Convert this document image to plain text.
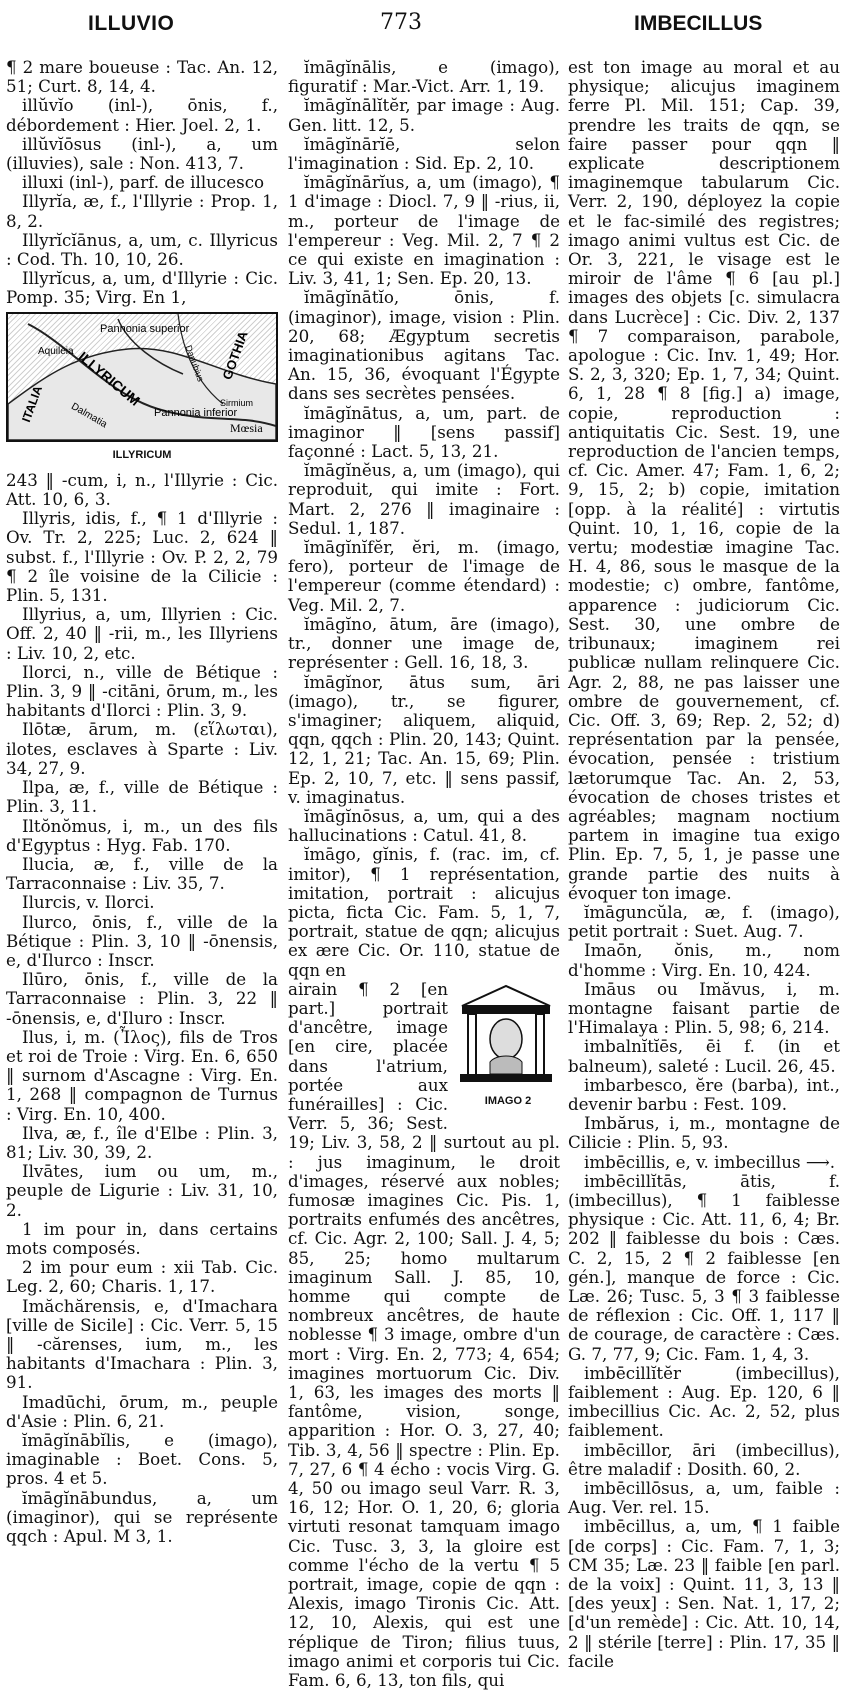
ILLUVIO	773	IMBECILLUS

¶ 2 mare boueuse : Tac. An. 12, 51; Curt. 8, 14, 4.

illŭvĭo (inl-), ōnis, f., débordement : Hier. Joel. 2, 1.

illŭvĭōsus (inl-), a, um (illuvies), sale : Non. 413, 7.

illuxi (inl-), parf. de illucesco

Illyrĭa, æ, f., l'Illyrie : Prop. 1, 8, 2.

Illyrĭcĭānus, a, um, c. Illyricus : Cod. Th. 10, 10, 26.

Illyrĭcus, a, um, d'Illyrie : Cic. Pomp. 35; Virg. En 1,

Pannonia superior
Pannonia inferior
GOTHIA
ILLYRICUM
Mœsia
Aquileia
Sirmium
Danubius
Dalmatia
ITALIA
ILLYRICUM

243 ‖ -cum, i, n., l'Illyrie : Cic. Att. 10, 6, 3.

Illyris, idis, f., ¶ 1 d'Illyrie : Ov. Tr. 2, 225; Luc. 2, 624 ‖ subst. f., l'Illyrie : Ov. P. 2, 2, 79 ¶ 2 île voisine de la Cilicie : Plin. 5, 131.

Illyrius, a, um, Illyrien : Cic. Off. 2, 40 ‖ -rii, m., les Illyriens : Liv. 10, 2, etc.

Ilorci, n., ville de Bétique : Plin. 3, 9 ‖ -citāni, ōrum, m., les habitants d'Ilorci : Plin. 3, 9.

Ilōtæ, ārum, m. (εἵλωται), ilotes, esclaves à Sparte : Liv. 34, 27, 9.

Ilpa, æ, f., ville de Bétique : Plin. 3, 11.

Iltŏnŏmus, i, m., un des fils d'Egyptus : Hyg. Fab. 170.

Ilucia, æ, f., ville de la Tarraconnaise : Liv. 35, 7.

Ilurcis, v. Ilorci.

Ilurco, ōnis, f., ville de la Bétique : Plin. 3, 10 ‖ -ōnensis, e, d'Ilurco : Inscr.

Ilūro, ōnis, f., ville de la Tarraconnaise : Plin. 3, 22 ‖ -ōnensis, e, d'Iluro : Inscr.

Ilus, i, m. (Ἶλος), fils de Tros et roi de Troie : Virg. En. 6, 650 ‖ surnom d'Ascagne : Virg. En. 1, 268 ‖ compagnon de Turnus : Virg. En. 10, 400.

Ilva, æ, f., île d'Elbe : Plin. 3, 81; Liv. 30, 39, 2.

Ilvātes, ium ou um, m., peuple de Ligurie : Liv. 31, 10, 2.

1 im pour in, dans certains mots composés.

2 im pour eum : xii Tab. Cic. Leg. 2, 60; Charis. 1, 17.

Imăchărensis, e, d'Imachara [ville de Sicile] : Cic. Verr. 5, 15 ‖ -cărenses, ium, m., les habitants d'Imachara : Plin. 3, 91.

Imadūchi, ōrum, m., peuple d'Asie : Plin. 6, 21.

ĭmāgĭnābĭlis, e (imago), imaginable : Boet. Cons. 5, pros. 4 et 5.

ĭmāgĭnābundus, a, um (imaginor), qui se représente qqch : Apul. M 3, 1.

ĭmāgĭnālis, e (imago), figuratif : Mar.-Vict. Arr. 1, 19.

ĭmāgĭnālĭtĕr, par image : Aug. Gen. litt. 12, 5.

ĭmāgĭnārĭē, selon l'imagination : Sid. Ep. 2, 10.

ĭmāgĭnārĭus, a, um (imago), ¶ 1 d'image : Diocl. 7, 9 ‖ -rius, ii, m., porteur de l'image de l'empereur : Veg. Mil. 2, 7 ¶ 2 ce qui existe en imagination : Liv. 3, 41, 1; Sen. Ep. 20, 13.

ĭmāgĭnātĭo, ōnis, f. (imaginor), image, vision : Plin. 20, 68; Ægyptum secretis imaginationibus agitans Tac. An. 15, 36, évoquant l'Égypte dans ses secrètes pensées.

ĭmāgĭnātus, a, um, part. de imaginor ‖ [sens passif] façonné : Lact. 5, 13, 21.

ĭmāgĭnĕus, a, um (imago), qui reproduit, qui imite : Fort. Mart. 2, 276 ‖ imaginaire : Sedul. 1, 187.

ĭmāgĭnĭfĕr, ĕri, m. (imago, fero), porteur de l'image de l'empereur (comme étendard) : Veg. Mil. 2, 7.

ĭmāgĭno, ātum, āre (imago), tr., donner une image de, représenter : Gell. 16, 18, 3.

ĭmāgĭnor, ātus sum, āri (imago), tr., se figurer, s'imaginer; aliquem, aliquid, qqn, qqch : Plin. 20, 143; Quint. 12, 1, 21; Tac. An. 15, 69; Plin. Ep. 2, 10, 7, etc. ‖ sens passif, v. imaginatus.

ĭmāgĭnōsus, a, um, qui a des hallucinations : Catul. 41, 8.

ĭmāgo, gĭnis, f. (rac. im, cf. imitor), ¶ 1 représentation, imitation, portrait : alicujus picta, ficta Cic. Fam. 5, 1, 7, portrait, statue de qqn; alicujus ex ære Cic. Or. 110, statue de qqn en

IMAGO 2

airain ¶ 2 [en part.] portrait d'ancêtre, image [en cire, placée dans l'atrium, portée aux funérailles] : Cic. Verr. 5, 36; Sest. 19; Liv. 3, 58, 2 ‖ surtout au pl. : jus imaginum, le droit d'images, réservé aux nobles; fumosæ imagines Cic. Pis. 1, portraits enfumés des ancêtres, cf. Cic. Agr. 2, 100; Sall. J. 4, 5; 85, 25; homo multarum imaginum Sall. J. 85, 10, homme qui compte de nombreux ancêtres, de haute noblesse ¶ 3 image, ombre d'un mort : Virg. En. 2, 773; 4, 654; imagines mortuorum Cic. Div. 1, 63, les images des morts ‖ fantôme, vision, songe, apparition : Hor. O. 3, 27, 40; Tib. 3, 4, 56 ‖ spectre : Plin. Ep. 7, 27, 6 ¶ 4 écho : vocis Virg. G. 4, 50 ou imago seul Varr. R. 3, 16, 12; Hor. O. 1, 20, 6; gloria virtuti resonat tamquam imago Cic. Tusc. 3, 3, la gloire est comme l'écho de la vertu ¶ 5 portrait, image, copie de qqn : Alexis, imago Tironis Cic. Att. 12, 10, Alexis, qui est une réplique de Tiron; filius tuus, imago animi et corporis tui Cic. Fam. 6, 6, 13, ton fils, qui

est ton image au moral et au physique; alicujus imaginem ferre Pl. Mil. 151; Cap. 39, prendre les traits de qqn, se faire passer pour qqn ‖ explicate descriptionem imaginemque tabularum Cic. Verr. 2, 190, déployez la copie et le fac-similé des registres; imago animi vultus est Cic. de Or. 3, 221, le visage est le miroir de l'âme ¶ 6 [au pl.] images des objets [c. simulacra dans Lucrèce] : Cic. Div. 2, 137 ¶ 7 comparaison, parabole, apologue : Cic. Inv. 1, 49; Hor. S. 2, 3, 320; Ep. 1, 7, 34; Quint. 6, 1, 28 ¶ 8 [fig.] a) image, copie, reproduction : antiquitatis Cic. Sest. 19, une reproduction de l'ancien temps, cf. Cic. Amer. 47; Fam. 1, 6, 2; 9, 15, 2; b) copie, imitation [opp. à la réalité] : virtutis Quint. 10, 1, 16, copie de la vertu; modestiæ imagine Tac. H. 4, 86, sous le masque de la modestie; c) ombre, fantôme, apparence : judiciorum Cic. Sest. 30, une ombre de tribunaux; imaginem rei publicæ nullam relinquere Cic. Agr. 2, 88, ne pas laisser une ombre de gouvernement, cf. Cic. Off. 3, 69; Rep. 2, 52; d) représentation par la pensée, évocation, pensée : tristium lætorumque Tac. An. 2, 53, évocation de choses tristes et agréables; magnam noctium partem in imagine tua exigo Plin. Ep. 7, 5, 1, je passe une grande partie des nuits à évoquer ton image.

ĭmāguncŭla, æ, f. (imago), petit portrait : Suet. Aug. 7.

Imaōn, ŏnis, m., nom d'homme : Virg. En. 10, 424.

Imāus ou Imăvus, i, m. montagne faisant partie de l'Himalaya : Plin. 5, 98; 6, 214.

imbalnĭtĭēs, ēi f. (in et balneum), saleté : Lucil. 26, 45.

imbarbesco, ĕre (barba), int., devenir barbu : Fest. 109.

Imbărus, i, m., montagne de Cilicie : Plin. 5, 93.

imbēcillis, e, v. imbecillus ⟶.

imbēcillĭtās, ātis, f. (imbecillus), ¶ 1 faiblesse physique : Cic. Att. 11, 6, 4; Br. 202 ‖ faiblesse du bois : Cæs. C. 2, 15, 2 ¶ 2 faiblesse [en gén.], manque de force : Cic. Læ. 26; Tusc. 5, 3 ¶ 3 faiblesse de réflexion : Cic. Off. 1, 117 ‖ de courage, de caractère : Cæs. G. 7, 77, 9; Cic. Fam. 1, 4, 3.

imbēcillĭtĕr (imbecillus), faiblement : Aug. Ep. 120, 6 ‖ imbecillius Cic. Ac. 2, 52, plus faiblement.

imbēcillor, āri (imbecillus), être maladif : Dosith. 60, 2.

imbēcillōsus, a, um, faible : Aug. Ver. rel. 15.

imbēcillus, a, um, ¶ 1 faible [de corps] : Cic. Fam. 7, 1, 3; CM 35; Læ. 23 ‖ faible [en parl. de la voix] : Quint. 11, 3, 13 ‖ [des yeux] : Sen. Nat. 1, 17, 2; [d'un remède] : Cic. Att. 10, 14, 2 ‖ stérile [terre] : Plin. 17, 35 ‖ facile
